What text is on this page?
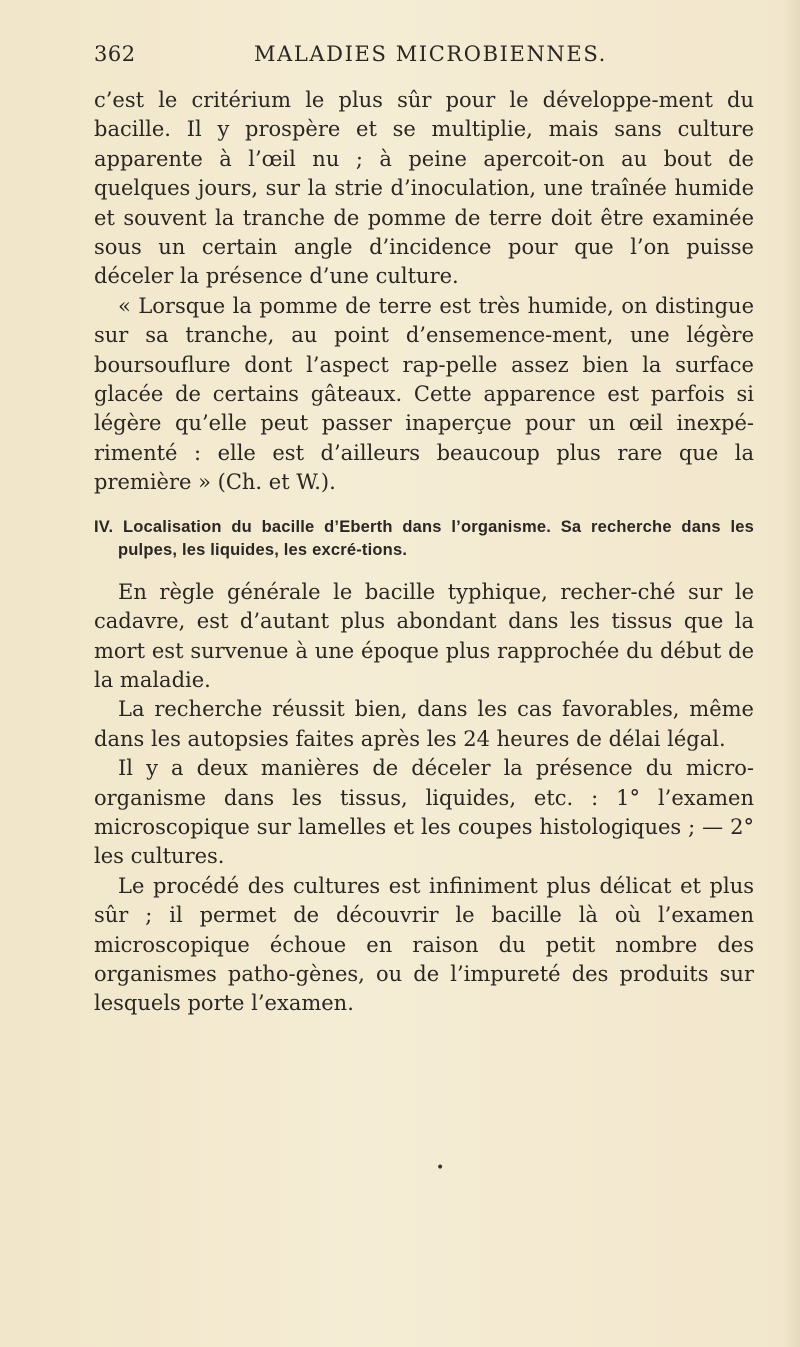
362	MALADIES MICROBIENNES.

c’est le critérium le plus sûr pour le développe-ment du bacille. Il y prospère et se multiplie, mais sans culture apparente à l’œil nu ; à peine apercoit-on au bout de quelques jours, sur la strie d’inoculation, une traînée humide et souvent la tranche de pomme de terre doit être examinée sous un certain angle d’incidence pour que l’on puisse déceler la présence d’une culture.

« Lorsque la pomme de terre est très humide, on distingue sur sa tranche, au point d’ensemence-ment, une légère boursouflure dont l’aspect rap-pelle assez bien la surface glacée de certains gâteaux. Cette apparence est parfois si légère qu’elle peut passer inaperçue pour un œil inexpé-rimenté : elle est d’ailleurs beaucoup plus rare que la première » (Ch. et W.).

IV. Localisation du bacille d’Eberth dans l’organisme. Sa recherche dans les pulpes, les liquides, les excré-tions.

En règle générale le bacille typhique, recher-ché sur le cadavre, est d’autant plus abondant dans les tissus que la mort est survenue à une époque plus rapprochée du début de la maladie.

La recherche réussit bien, dans les cas favorables, même dans les autopsies faites après les 24 heures de délai légal.

Il y a deux manières de déceler la présence du micro-organisme dans les tissus, liquides, etc. : 1° l’examen microscopique sur lamelles et les coupes histologiques ; — 2° les cultures.

Le procédé des cultures est infiniment plus délicat et plus sûr ; il permet de découvrir le bacille là où l’examen microscopique échoue en raison du petit nombre des organismes patho-gènes, ou de l’impureté des produits sur lesquels porte l’examen.

•
